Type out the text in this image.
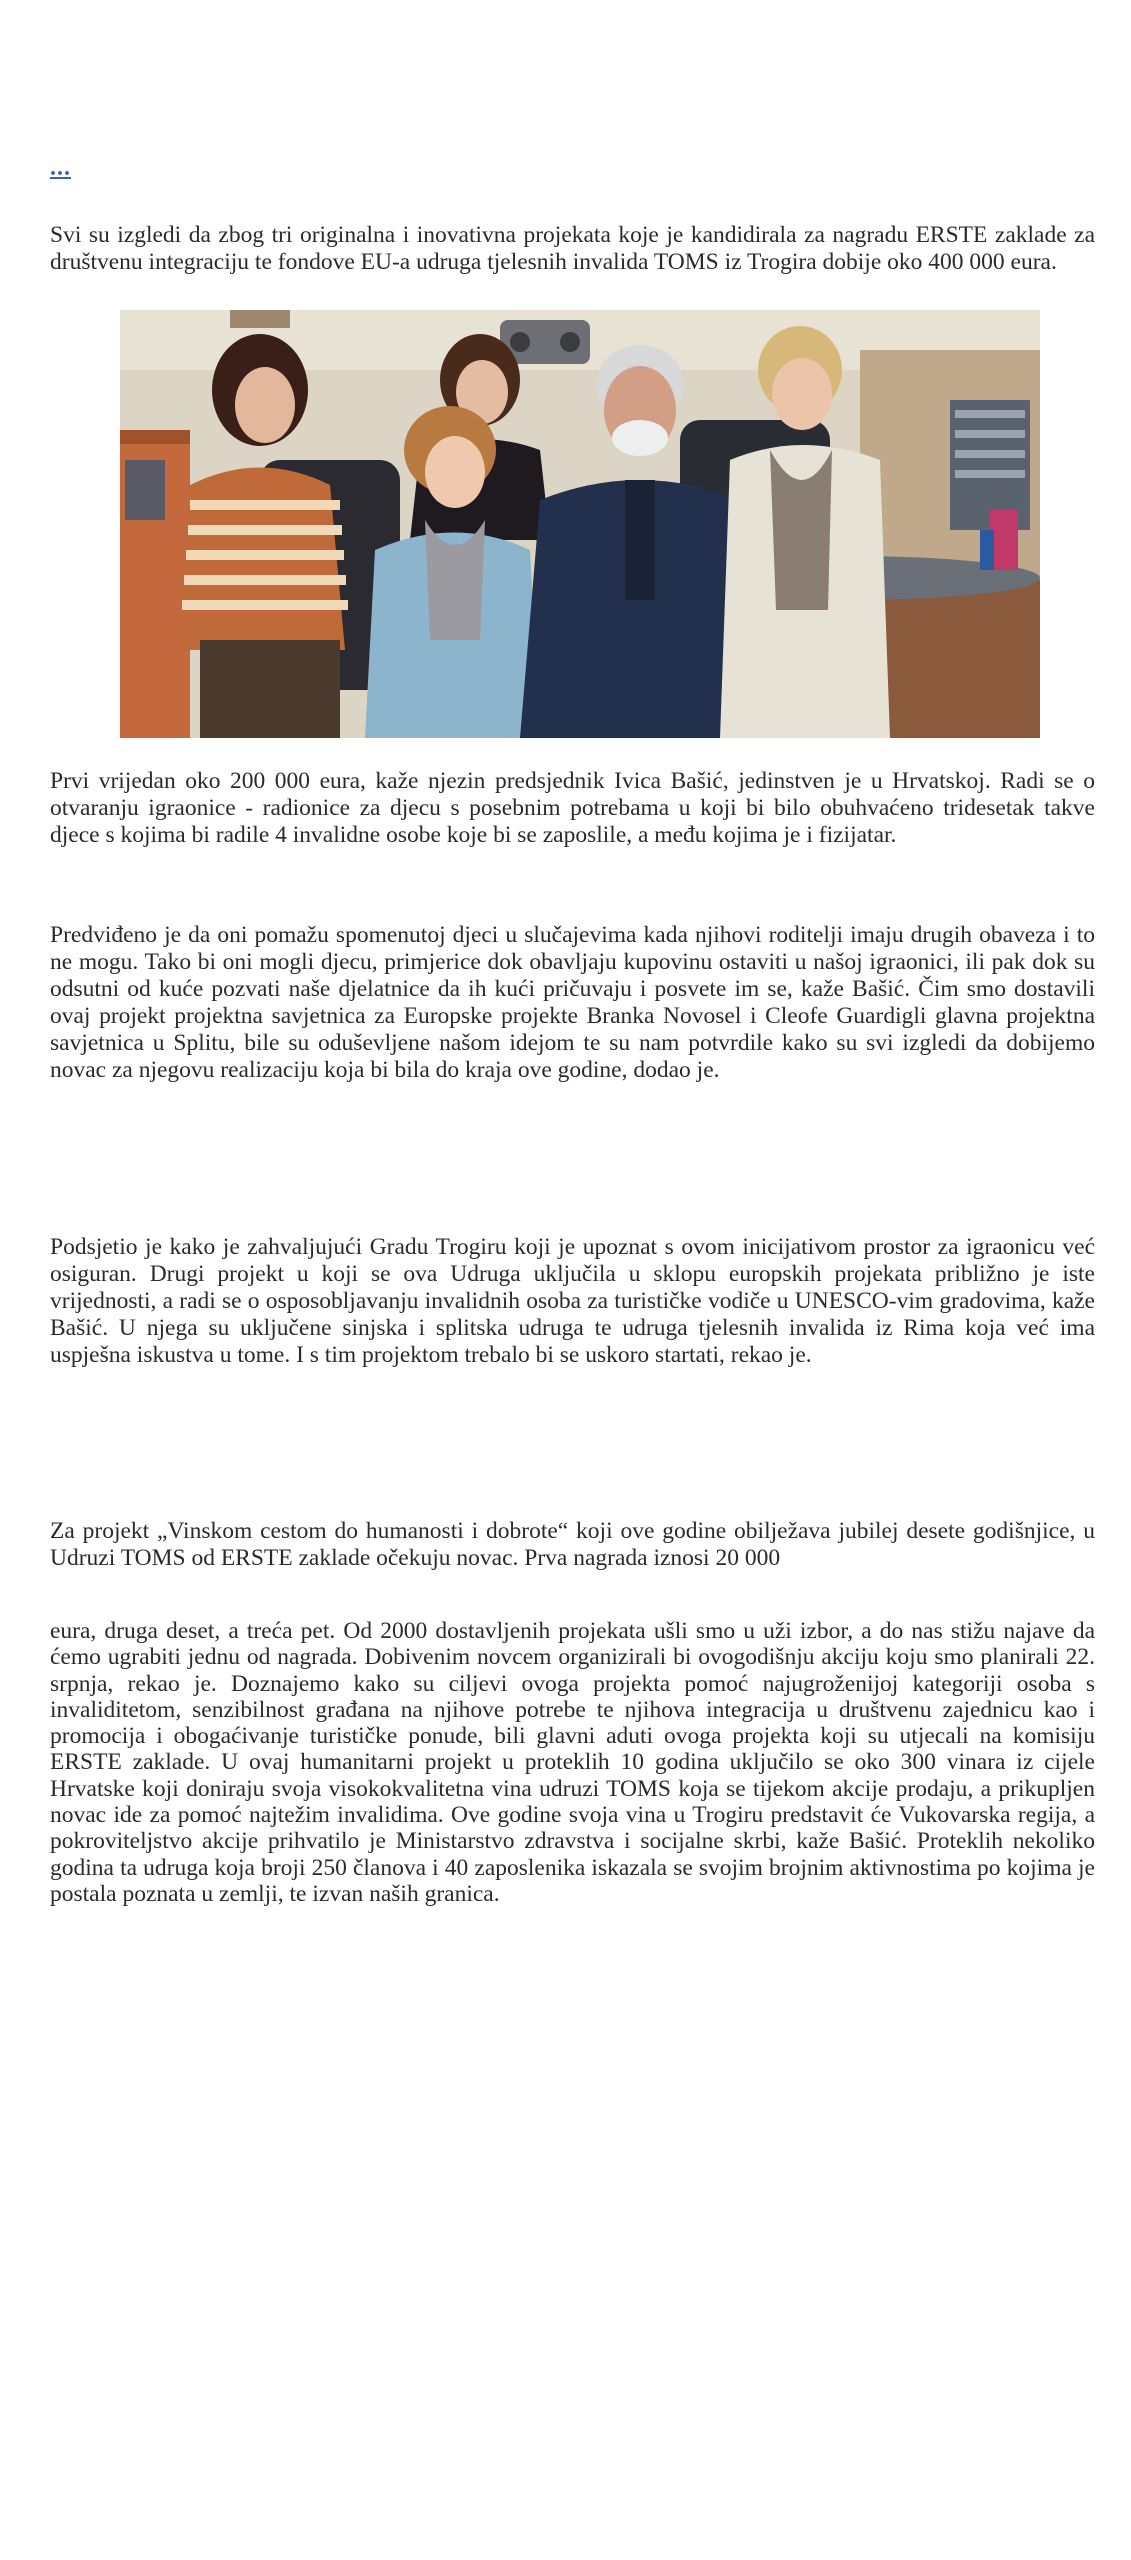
...

Svi su izgledi da zbog tri originalna i inovativna projekata koje je kandidirala za nagradu ERSTE zaklade za društvenu integraciju te fondove EU-a udruga tjelesnih invalida TOMS iz Trogira dobije oko 400 000 eura.

Prvi vrijedan oko 200 000 eura, kaže njezin predsjednik Ivica Bašić, jedinstven je u Hrvatskoj. Radi se o otvaranju igraonice - radionice za djecu s posebnim potrebama u koji bi bilo obuhvaćeno tridesetak takve djece s kojima bi radile 4 invalidne osobe koje bi se zaposlile, a među kojima je i fizijatar.

Predviđeno je da oni pomažu spomenutoj djeci u slučajevima kada njihovi roditelji imaju drugih obaveza i to ne mogu. Tako bi oni mogli djecu, primjerice dok obavljaju kupovinu ostaviti u našoj igraonici, ili pak dok su odsutni od kuće pozvati naše djelatnice da ih kući pričuvaju i posvete im se, kaže Bašić. Čim smo dostavili ovaj projekt projektna savjetnica za Europske projekte Branka Novosel i Cleofe Guardigli glavna projektna savjetnica u Splitu, bile su oduševljene našom idejom te su nam potvrdile kako su svi izgledi da dobijemo novac za njegovu realizaciju koja bi bila do kraja ove godine, dodao je.

Podsjetio je kako je zahvaljujući Gradu Trogiru koji je upoznat s ovom inicijativom prostor za igraonicu već osiguran. Drugi projekt u koji se ova Udruga uključila u sklopu europskih projekata približno je iste vrijednosti, a radi se o osposobljavanju invalidnih osoba za turističke vodiče u UNESCO-vim gradovima, kaže Bašić. U njega su uključene sinjska i splitska udruga te udruga tjelesnih invalida iz Rima koja već ima uspješna iskustva u tome. I s tim projektom trebalo bi se uskoro startati, rekao je.

Za projekt „Vinskom cestom do humanosti i dobrote“ koji ove godine obilježava jubilej desete godišnjice, u Udruzi TOMS od ERSTE zaklade očekuju novac. Prva nagrada iznosi 20 000

eura, druga deset, a treća pet. Od 2000 dostavljenih projekata ušli smo u uži izbor, a do nas stižu najave da ćemo ugrabiti jednu od nagrada. Dobivenim novcem organizirali bi ovogodišnju akciju koju smo planirali 22. srpnja, rekao je. Doznajemo kako su ciljevi ovoga projekta pomoć najugroženijoj kategoriji osoba s invaliditetom, senzibilnost građana na njihove potrebe te njihova integracija u društvenu zajednicu kao i promocija i obogaćivanje turističke ponude, bili glavni aduti ovoga projekta koji su utjecali na komisiju ERSTE zaklade. U ovaj humanitarni projekt u proteklih 10 godina uključilo se oko 300 vinara iz cijele Hrvatske koji doniraju svoja visokokvalitetna vina udruzi TOMS koja se tijekom akcije prodaju, a prikupljen novac ide za pomoć najtežim invalidima. Ove godine svoja vina u Trogiru predstavit će Vukovarska regija, a pokroviteljstvo akcije prihvatilo je Ministarstvo zdravstva i socijalne skrbi, kaže Bašić. Proteklih nekoliko godina ta udruga koja broji 250 članova i 40 zaposlenika iskazala se svojim brojnim aktivnostima po kojima je postala poznata u zemlji, te izvan naših granica.
